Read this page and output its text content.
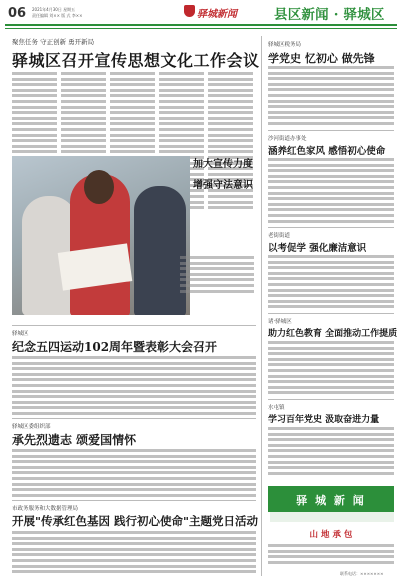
06 2021年4月30日 星期五
责任编辑 刘×× 版 式 李××	驿城新闻	县区新闻 · 驿城区
聚焦任务 守正创新 勇开新局
驿城区召开宣传思想文化工作会议
加大宣传力度
增强守法意识
驿城区
纪念五四运动102周年暨表彰大会召开
驿城区委组织部
承先烈遗志 颂爱国情怀
市政务服务和大数据管理局
开展"传承红色基因 践行初心使命"主题党日活动
驿城区税务局
学党史 忆初心 做先锋
沙河街道办事处
涵养红色家风 感悟初心使命
老街街道
以考促学 强化廉洁意识
诸·驿城区
助力红色教育 全面推动工作提质
水屯镇
学习百年党史 汲取奋进力量
驿 城 新 闻
山 地 承 包
联系电话：×××××××
